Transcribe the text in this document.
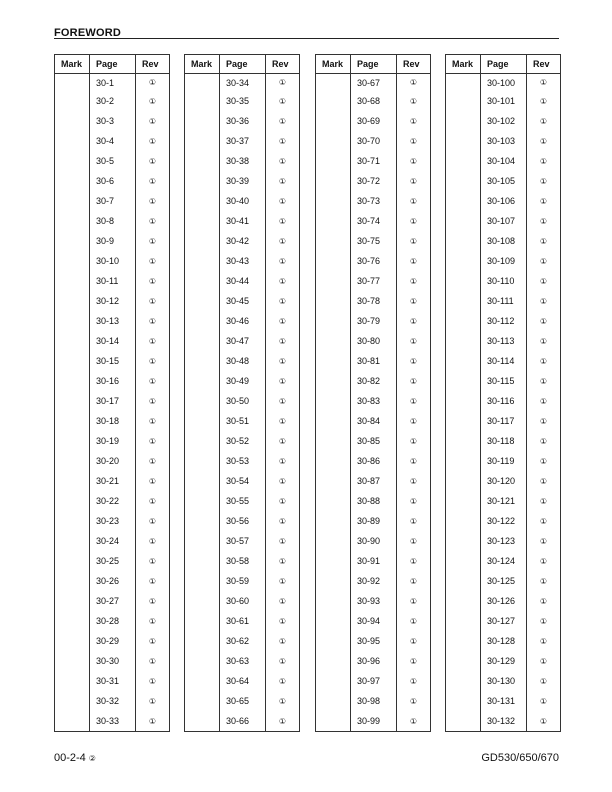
FOREWORD
Mark	Page	Rev
	30-1	①
	30-2	①
	30-3	①
	30-4	①
	30-5	①
	30-6	①
	30-7	①
	30-8	①
	30-9	①
	30-10	①
	30-11	①
	30-12	①
	30-13	①
	30-14	①
	30-15	①
	30-16	①
	30-17	①
	30-18	①
	30-19	①
	30-20	①
	30-21	①
	30-22	①
	30-23	①
	30-24	①
	30-25	①
	30-26	①
	30-27	①
	30-28	①
	30-29	①
	30-30	①
	30-31	①
	30-32	①
	30-33	①
Mark	Page	Rev
	30-34	①
	30-35	①
	30-36	①
	30-37	①
	30-38	①
	30-39	①
	30-40	①
	30-41	①
	30-42	①
	30-43	①
	30-44	①
	30-45	①
	30-46	①
	30-47	①
	30-48	①
	30-49	①
	30-50	①
	30-51	①
	30-52	①
	30-53	①
	30-54	①
	30-55	①
	30-56	①
	30-57	①
	30-58	①
	30-59	①
	30-60	①
	30-61	①
	30-62	①
	30-63	①
	30-64	①
	30-65	①
	30-66	①
Mark	Page	Rev
	30-67	①
	30-68	①
	30-69	①
	30-70	①
	30-71	①
	30-72	①
	30-73	①
	30-74	①
	30-75	①
	30-76	①
	30-77	①
	30-78	①
	30-79	①
	30-80	①
	30-81	①
	30-82	①
	30-83	①
	30-84	①
	30-85	①
	30-86	①
	30-87	①
	30-88	①
	30-89	①
	30-90	①
	30-91	①
	30-92	①
	30-93	①
	30-94	①
	30-95	①
	30-96	①
	30-97	①
	30-98	①
	30-99	①
Mark	Page	Rev
	30-100	①
	30-101	①
	30-102	①
	30-103	①
	30-104	①
	30-105	①
	30-106	①
	30-107	①
	30-108	①
	30-109	①
	30-110	①
	30-111	①
	30-112	①
	30-113	①
	30-114	①
	30-115	①
	30-116	①
	30-117	①
	30-118	①
	30-119	①
	30-120	①
	30-121	①
	30-122	①
	30-123	①
	30-124	①
	30-125	①
	30-126	①
	30-127	①
	30-128	①
	30-129	①
	30-130	①
	30-131	①
	30-132	①
00-2-4 ②	GD530/650/670
